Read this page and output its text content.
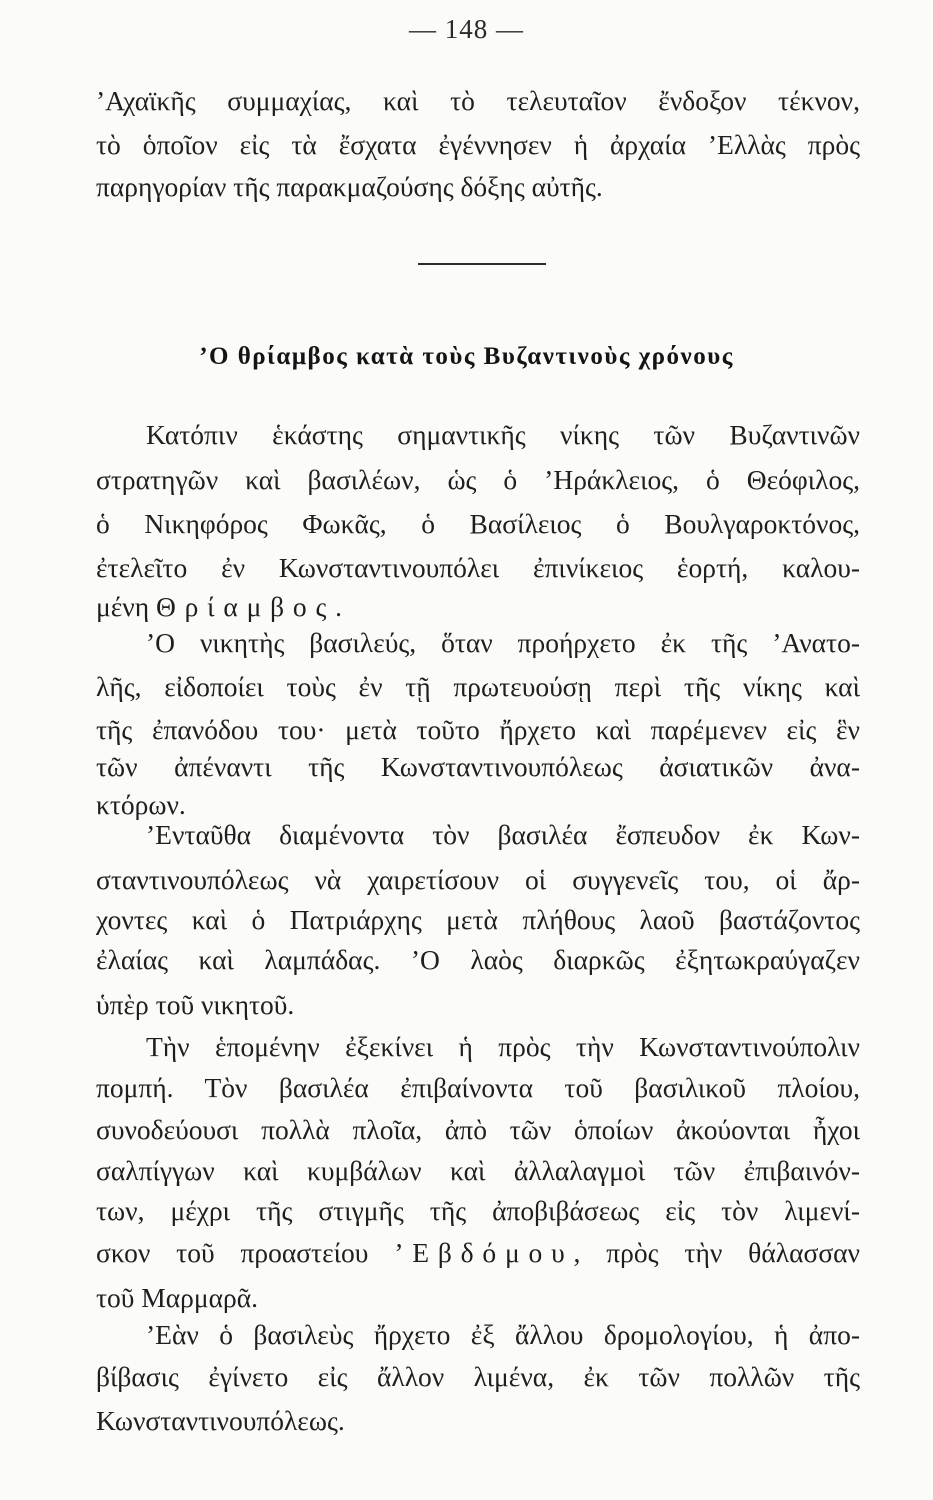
— 148 —
’Αχαϊκῆς συμμαχίας, καὶ τὸ τελευταῖον ἔνδοξον τέκνον,
τὸ ὁποῖον εἰς τὰ ἔσχατα ἐγέννησεν ἡ ἀρχαία ’Ελλὰς πρὸς
παρηγορίαν τῆς παρακμαζούσης δόξης αὐτῆς.
’Ο θρίαμβος κατὰ τοὺς Βυζαντινοὺς χρόνους
Κατόπιν ἑκάστης σημαντικῆς νίκης τῶν Βυζαντινῶν
στρατηγῶν καὶ βασιλέων, ὡς ὁ ’Ηράκλειος, ὁ Θεόφιλος,
ὁ Νικηφόρος Φωκᾶς, ὁ Βασίλειος ὁ Βουλγαροκτόνος,
ἐτελεῖτο ἐν Κωνσταντινουπόλει ἐπινίκειος ἑορτή, καλου-
μένη Θρίαμβος.
’Ο νικητὴς βασιλεύς, ὅταν προήρχετο ἐκ τῆς ’Ανατο-
λῆς, εἰδοποίει τοὺς ἐν τῇ πρωτευούσῃ περὶ τῆς νίκης καὶ
τῆς ἐπανόδου του· μετὰ τοῦτο ἤρχετο καὶ παρέμενεν εἰς ἓν
τῶν ἀπέναντι τῆς Κωνσταντινουπόλεως ἀσιατικῶν ἀνα-
κτόρων.
’Ενταῦθα διαμένοντα τὸν βασιλέα ἔσπευδον ἐκ Κων-
σταντινουπόλεως νὰ χαιρετίσουν οἱ συγγενεῖς του, οἱ ἄρ-
χοντες καὶ ὁ Πατριάρχης μετὰ πλήθους λαοῦ βαστάζοντος
ἐλαίας καὶ λαμπάδας. ’Ο λαὸς διαρκῶς ἐξητωκραύγαζεν
ὑπὲρ τοῦ νικητοῦ.
Τὴν ἑπομένην ἐξεκίνει ἡ πρὸς τὴν Κωνσταντινούπολιν
πομπή. Τὸν βασιλέα ἐπιβαίνοντα τοῦ βασιλικοῦ πλοίου,
συνοδεύουσι πολλὰ πλοῖα, ἀπὸ τῶν ὁποίων ἀκούονται ἦχοι
σαλπίγγων καὶ κυμβάλων καὶ ἀλλαλαγμοὶ τῶν ἐπιβαινόν-
των, μέχρι τῆς στιγμῆς τῆς ἀποβιβάσεως εἰς τὸν λιμενί-
σκον τοῦ προαστείου ’Εβδόμου, πρὸς τὴν θάλασσαν
τοῦ Μαρμαρᾶ.
’Εὰν ὁ βασιλεὺς ἤρχετο ἐξ ἄλλου δρομολογίου, ἡ ἀπο-
βίβασις ἐγίνετο εἰς ἄλλον λιμένα, ἐκ τῶν πολλῶν τῆς
Κωνσταντινουπόλεως.
